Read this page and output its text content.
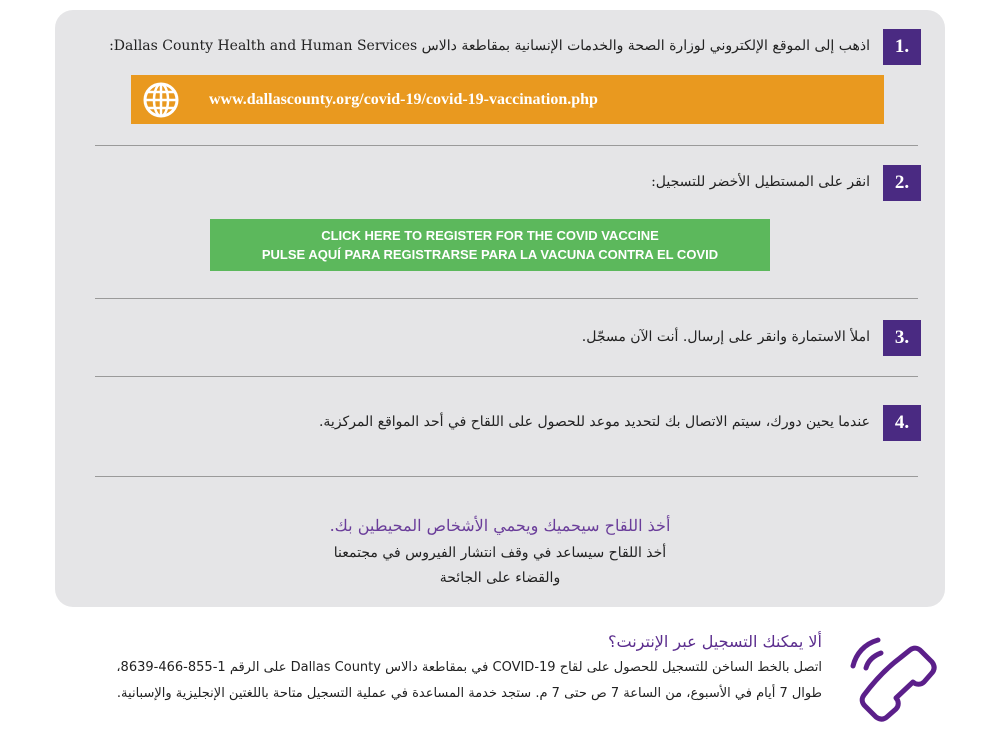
1.
اذهب إلى الموقع الإلكتروني لوزارة الصحة والخدمات الإنسانية بمقاطعة دالاس Dallas County Health and Human Services:
www.dallascounty.org/covid-19/covid-19-vaccination.php
2.
انقر على المستطيل الأخضر للتسجيل:
CLICK HERE TO REGISTER FOR THE COVID VACCINE
PULSE AQUÍ PARA REGISTRARSE PARA LA VACUNA CONTRA EL COVID
3.
املأ الاستمارة وانقر على إرسال. أنت الآن مسجّل.
4.
عندما يحين دورك، سيتم الاتصال بك لتحديد موعد للحصول على اللقاح في أحد المواقع المركزية.
أخذ اللقاح سيحميك ويحمي الأشخاص المحيطين بك.
أخذ اللقاح سيساعد في وقف انتشار الفيروس في مجتمعنا
والقضاء على الجائحة
ألا يمكنك التسجيل عبر الإنترنت؟
اتصل بالخط الساخن للتسجيل للحصول على لقاح COVID-19 في بمقاطعة دالاس Dallas County على الرقم 1-855-466-8639،
طوال 7 أيام في الأسبوع، من الساعة 7 ص حتى 7 م. ستجد خدمة المساعدة في عملية التسجيل متاحة باللغتين الإنجليزية والإسبانية.
